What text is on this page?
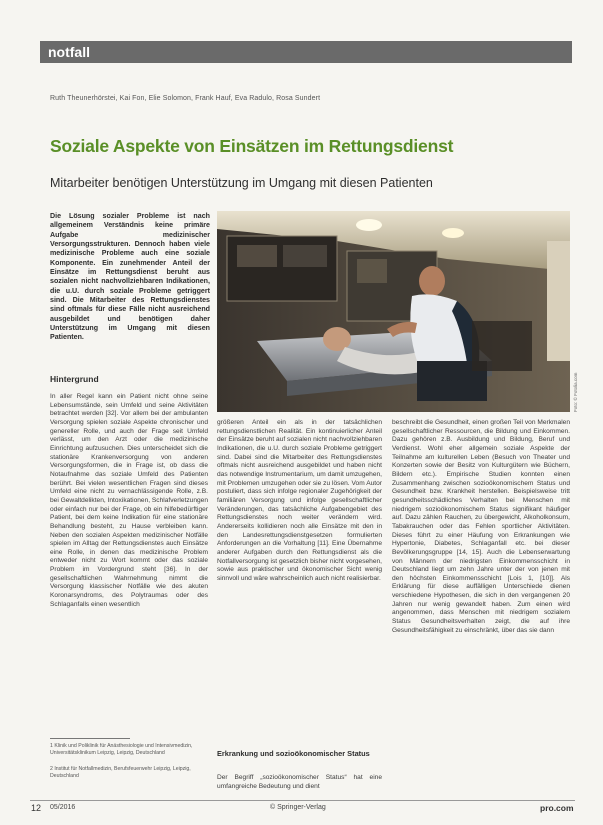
notfall
Ruth Theunerhörstei, Kai Fon, Elie Solomon, Frank Hauf, Eva Radulo, Rosa Sundert
Soziale Aspekte von Einsätzen im Rettungsdienst
Mitarbeiter benötigen Unterstützung im Umgang mit diesen Patienten
Die Lösung sozialer Probleme ist nach allgemeinem Verständnis keine primäre Aufgabe medizinischer Versorgungsstrukturen. Dennoch haben viele medizinische Probleme auch eine soziale Komponente. Ein zunehmender Anteil der Einsätze im Rettungsdienst beruht aus sozialen nicht nachvollziehbaren Indikationen, die u.U. durch soziale Probleme getriggert sind. Die Mitarbeiter des Rettungsdienstes sind oftmals für diese Fälle nicht ausreichend ausgebildet und benötigen daher Unterstützung im Umgang mit diesen Patienten.
Foto: © Fotolia.com
Hintergrund
In aller Regel kann ein Patient nicht ohne seine Lebensumstände, sein Umfeld und seine Aktivitäten betrachtet werden [32]. Vor allem bei der ambulanten Versorgung spielen soziale Aspekte chronischer und genereller Rolle, und auch der Frage seit Umfeld verlässt, um den Arzt oder die medizinische Einrichtung aufzusuchen. Dies unterscheidet sich die stationäre Krankenversorgung von anderen Versorgungsformen, die in Frage ist, ob dass die Notaufnahme das soziale Umfeld des Patienten berührt. Bei vielen wesentlichen Fragen sind dieses Umfeld eine nicht zu vernachlässigende Rolle, z.B. bei Gewaltdelikten, Intoxikationen, Schlafverletzungen oder einfach nur bei der Frage, ob ein hilfebedürftiger Patient, bei dem keine Indikation für eine stationäre Behandlung besteht, zu Hause verbleiben kann. Neben den sozialen Aspekten medizinischer Notfälle spielen im Alltag der Rettungsdienstes auch Einsätze eine Rolle, in denen das medizinische Problem entweder nicht zu Wort kommt oder das soziale Problem im Vordergrund steht [36]. In der gesellschaftlichen Wahrnehmung nimmt die Versorgung klassischer Notfälle wie des akuten Koronarsyndroms, des Polytraumas oder des Schlaganfalls einen wesentlich
größeren Anteil ein als in der tatsächlichen rettungsdienstlichen Realität. Ein kontinuierlicher Anteil der Einsätze beruht auf sozialen nicht nachvollziehbaren Indikationen, die u.U. durch soziale Probleme getriggert sind. Dabei sind die Mitarbeiter des Rettungsdienstes oftmals nicht ausreichend ausgebildet und haben nicht das notwendige Instrumentarium, um damit umzugehen, mit Problemen umzugehen oder sie zu lösen. Vom Autor postuliert, dass sich infolge regionaler Zugehörigkeit der familiären Versorgung und infolge gesellschaftlicher Veränderungen, das tatsächliche Aufgabengebiet des Rettungsdienstes noch weiter verändern wird. Andererseits kollidieren noch alle Einsätze mit den in den Landesrettungsdienstgesetzen formulierten Anforderungen an die Vorhaltung [11]. Eine Übernahme anderer Aufgaben durch den Rettungsdienst als die Notfallversorgung ist gesetzlich bisher nicht vorgesehen, sowie aus praktischer und ökonomischer Sicht wenig sinnvoll und wäre wahrscheinlich auch nicht realisierbar.
beschreibt die Gesundheit, einen großen Teil von Merkmalen gesellschaftlicher Ressourcen, die Bildung und Einkommen. Dazu gehören z.B. Ausbildung und Bildung, Beruf und Verdienst. Wohl eher allgemein soziale Aspekte der Teilnahme am kulturellen Leben (Besuch von Theater und Konzerten sowie der Besitz von Kulturgütern wie Büchern, Bildern etc.). Empirische Studien konnten einen Zusammenhang zwischen sozioökonomischem Status und Gesundheit bzw. Krankheit herstellen. Beispielsweise tritt gesundheitsschädliches Verhalten bei Menschen mit niedrigem sozioökonomischem Status signifikant häufiger auf. Dazu zählen Rauchen, zu übergewicht, Alkoholkonsum, Tabakrauchen oder das Fehlen sportlicher Aktivitäten. Dieses führt zu einer Häufung von Erkrankungen wie Hypertonie, Diabetes, Schlaganfall etc. bei dieser Bevölkerungsgruppe [14, 15]. Auch die Lebenserwartung von Männern der niedrigsten Einkommensschicht in Deutschland liegt um zehn Jahre unter der von jenen mit den höchsten Einkommensschicht [Lois 1, [10]]. Als Erklärung für diese auffälligen Unterschiede dienen verschiedene Hypothesen, die sich in den vergangenen 20 Jahren nur wenig gewandelt haben. Zum einen wird angenommen, dass Menschen mit niedrigem sozialem Status Gesundheitsverhalten zeigt, die auf ihre Gesundheitsfähigkeit zu einschränkt, über das sie dann
Erkrankung und sozioökonomischer Status
Der Begriff „sozioökonomischer Status“ hat eine umfangreiche Bedeutung und dient
1 Klinik und Poliklinik für Anästhesiologie und Intensivmedizin, Universitätsklinikum Leipzig, Leipzig, Deutschland
2 Institut für Notfallmedizin, Berufsfeuerwehr Leipzig, Leipzig, Deutschland
12 05/2016	© Springer-Verlag	pro.com
